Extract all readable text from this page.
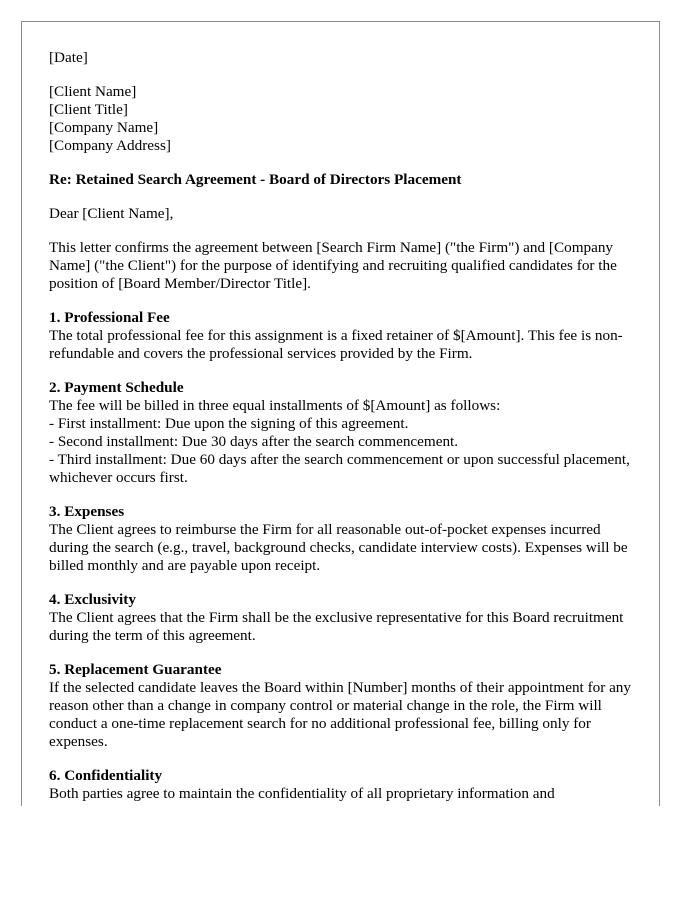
[Date]

[Client Name]
[Client Title]
[Company Name]
[Company Address]

Re: Retained Search Agreement - Board of Directors Placement

Dear [Client Name],

This letter confirms the agreement between [Search Firm Name] ("the Firm") and [Company Name] ("the Client") for the purpose of identifying and recruiting qualified candidates for the position of [Board Member/Director Title].

1. Professional Fee
The total professional fee for this assignment is a fixed retainer of $[Amount]. This fee is non-refundable and covers the professional services provided by the Firm.
2. Payment Schedule
The fee will be billed in three equal installments of $[Amount] as follows:
- First installment: Due upon the signing of this agreement.
- Second installment: Due 30 days after the search commencement.
- Third installment: Due 60 days after the search commencement or upon successful placement, whichever occurs first.
3. Expenses
The Client agrees to reimburse the Firm for all reasonable out-of-pocket expenses incurred during the search (e.g., travel, background checks, candidate interview costs). Expenses will be billed monthly and are payable upon receipt.
4. Exclusivity
The Client agrees that the Firm shall be the exclusive representative for this Board recruitment during the term of this agreement.
5. Replacement Guarantee
If the selected candidate leaves the Board within [Number] months of their appointment for any reason other than a change in company control or material change in the role, the Firm will conduct a one-time replacement search for no additional professional fee, billing only for expenses.
6. Confidentiality
Both parties agree to maintain the confidentiality of all proprietary information and
